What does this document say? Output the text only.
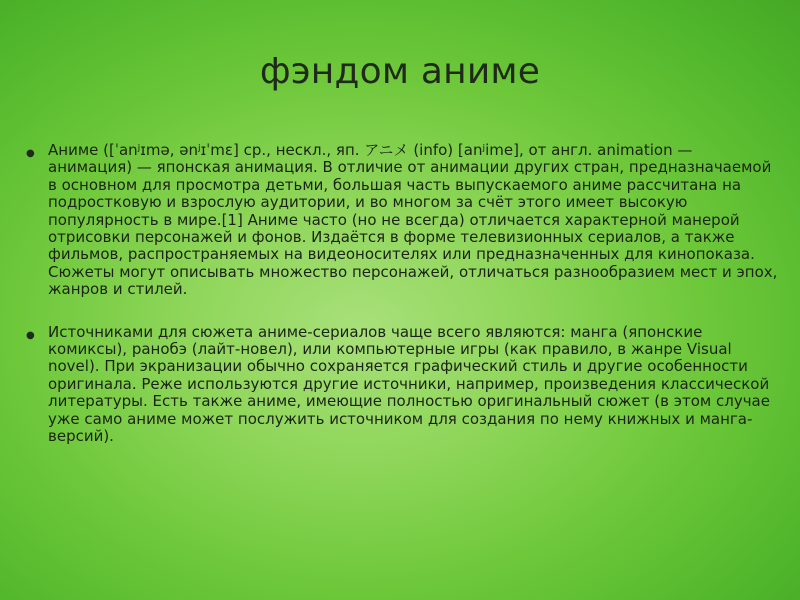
фэндом аниме
● Аниме ([ˈanʲɪmə, ənʲɪˈmɛ] ср., нескл., яп. アニメ (info) [anʲime], от англ. animation — анимация) — японская анимация. В отличие от анимации других стран, предназначаемой в основном для просмотра детьми, большая часть выпускаемого аниме рассчитана на подростковую и взрослую аудитории, и во многом за счёт этого имеет высокую популярность в мире.[1] Аниме часто (но не всегда) отличается характерной манерой отрисовки персонажей и фонов. Издаётся в форме телевизионных сериалов, а также фильмов, распространяемых на видеоносителях или предназначенных для кинопоказа. Сюжеты могут описывать множество персонажей, отличаться разнообразием мест и эпох, жанров и стилей.
● Источниками для сюжета аниме-сериалов чаще всего являются: манга (японские комиксы), ранобэ (лайт-новел), или компьютерные игры (как правило, в жанре Visual novel). При экранизации обычно сохраняется графический стиль и другие особенности оригинала. Реже используются другие источники, например, произведения классической литературы. Есть также аниме, имеющие полностью оригинальный сюжет (в этом случае уже само аниме может послужить источником для создания по нему книжных и манга-версий).
